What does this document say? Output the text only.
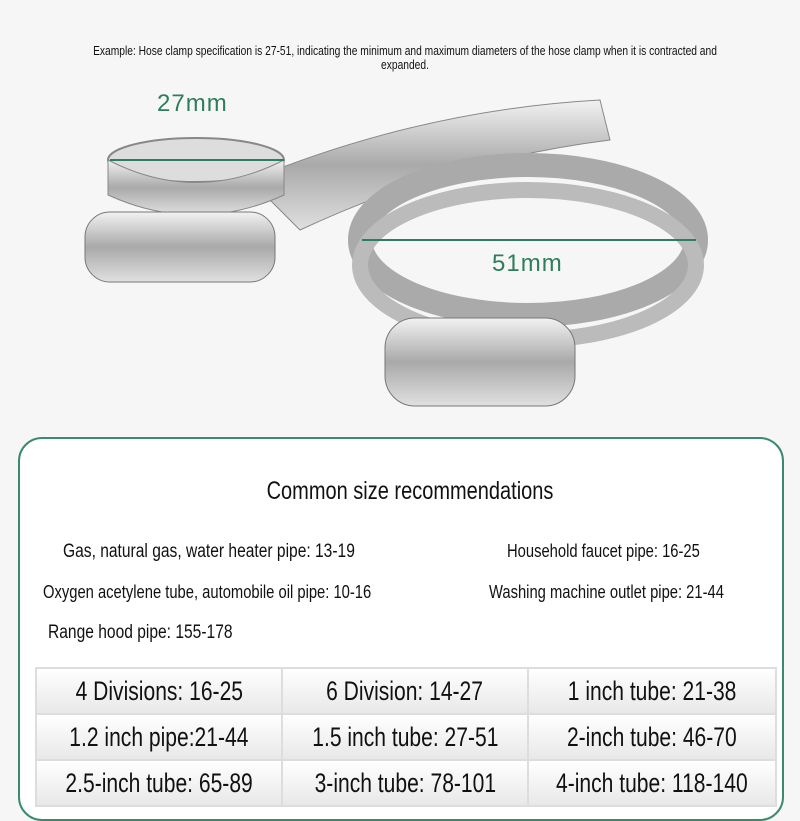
Example: Hose clamp specification is 27-51, indicating the minimum and maximum diameters of the hose clamp when it is contracted and expanded.
27mm
51mm
Common size recommendations
Gas, natural gas, water heater pipe: 13-19	Household faucet pipe: 16-25
Oxygen acetylene tube, automobile oil pipe: 10-16	Washing machine outlet pipe: 21-44
Range hood pipe: 155-178
4 Divisions: 16-25	6 Division: 14-27	1 inch tube: 21-38
1.2 inch pipe:21-44	1.5 inch tube: 27-51	2-inch tube: 46-70
2.5-inch tube: 65-89	3-inch tube: 78-101	4-inch tube: 118-140
